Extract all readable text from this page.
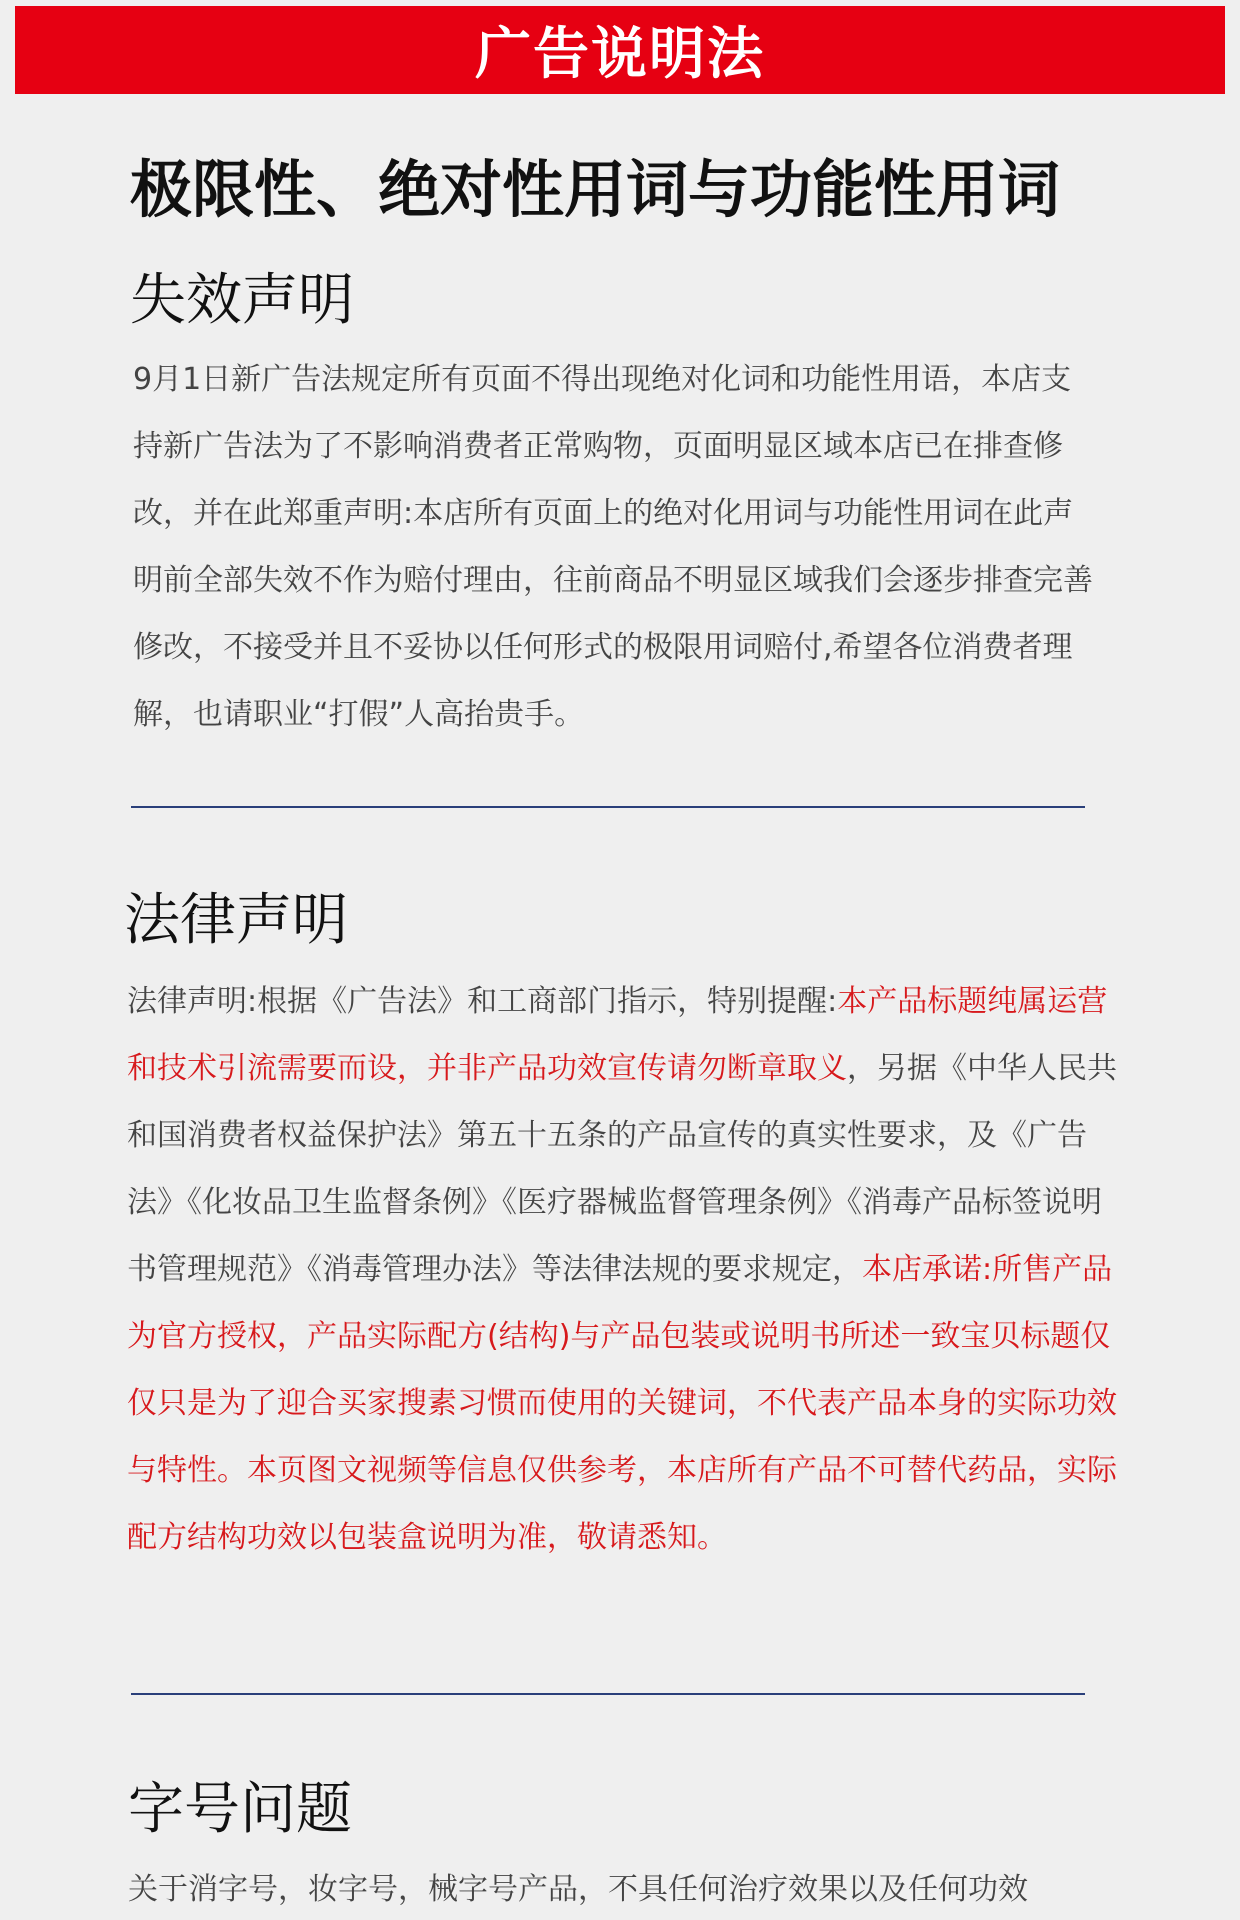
广告说明法
极限性、绝对性用词与功能性用词
失效声明
9月1日新广告法规定所有页面不得出现绝对化词和功能性用语，本店支持新广告法为了不影响消费者正常购物，页面明显区域本店已在排查修改，并在此郑重声明:本店所有页面上的绝对化用词与功能性用词在此声明前全部失效不作为赔付理由，往前商品不明显区域我们会逐步排查完善修改，不接受并且不妥协以任何形式的极限用词赔付,希望各位消费者理解，也请职业“打假”人高抬贵手。
法律声明
法律声明:根据《广告法》和工商部门指示，特别提醒:本产品标题纯属运营和技术引流需要而设，并非产品功效宣传请勿断章取义，另据《中华人民共和国消费者权益保护法》第五十五条的产品宣传的真实性要求，及《广告法》《化妆品卫生监督条例》《医疗器械监督管理条例》《消毒产品标签说明书管理规范》《消毒管理办法》等法律法规的要求规定，本店承诺:所售产品为官方授权，产品实际配方(结构)与产品包装或说明书所述一致宝贝标题仅仅只是为了迎合买家搜素习惯而使用的关键词，不代表产品本身的实际功效与特性。本页图文视频等信息仅供参考，本店所有产品不可替代药品，实际配方结构功效以包装盒说明为准，敬请悉知。
字号问题
关于消字号，妆字号，械字号产品，不具任何治疗效果以及任何功效
